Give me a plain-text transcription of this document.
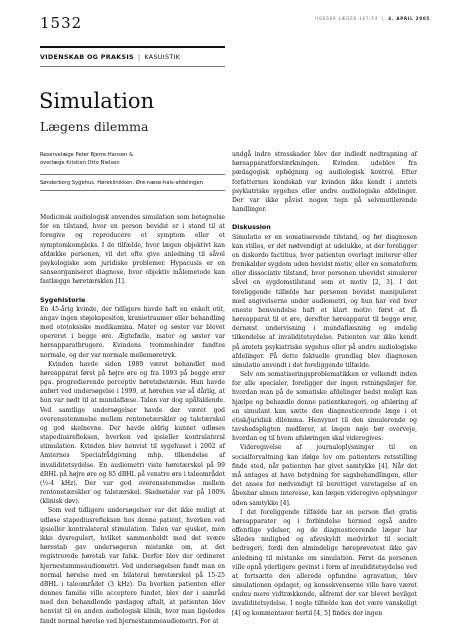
1532	UGESKR LÆGER 167/14 | 4. APRIL 2005
VIDENSKAB OG PRAKSIS | KASUISTIK
Simulation
Lægens dilemma
Reservelæge Peter Bjerre Hansen &
overlæge Kristian Otto Nielsen
Sønderborg Sygehus, Høreklinikken, Øre-næse-hals-afdelingen

Medicinsk audiologisk anvendes simulation som betegnelse for en tilstand, hvor en person bevidst er i stand til at foregive og reproducere et symptom eller et symptomkompleks. I de tilfælde, hvor lægen objektivt kan afdække personen, vil det ofte give anledning til såvel psykologiske som juridiske problemer. Hypacusis er en sanseorganiseret diagnose, hvor objektiv målemetode kan fastlægge høretærsklen [1].

Sygehistorie

En 45-årig kvinde, der tidligere havde haft en enkelt otit, angav ingen støjekspositon, kranietraumer eller behandling med ototoksiske medikamina. Mater og søster var blevet opereret i begge øre. Ægtefælle, mater og søster var høreapparatbrugere. Kvindens tvommehinder fandtes normale, og der var normale mellemøretryk.

Kvinden havde siden 1989 været behandlet med høreapparat først på højre øre og fra 1993 på begge ører pga. progredierende perceptiv høretabstærsle. Hun havde anført ved undersøgelse i 1999, at hørehen var så dårlig, at hun var nødt til at mundaflæse. Talen var dog upåfaldende. Ved samtlige undersøgelser havde der været god overensstemmelse mellem rentonetærskler og taletærskel og god skelnevne. Der havde aldrig kunnet udløses stapediusrefleksen, hverken ved ipsieller kontralateral stimulation. Kvinden blev henvist til sygehuset i 2002 af Amternes Specialrådgivning mhp. tilkendelse af invaliditetsydelse. En audiometri viste høretærskel på 99 dBHL på højre øre og 85 dBHL på venstre øre i taleområdet (½-4 kHz). Der var god overensstemmelse mellem rentonetærskler og taletærskel. Skelnetaler var på 100% (klinisk døv).

Som ved tidligere undersøgelser var det ikke muligt at udløse stapediusrefleksen hos denne patient, hverken ved ipsieller kontralateral stimulation. Talen var sjusket, men ikke dysregulert, hvilket sammenholdt med det svære hørestab gav undersøgeren mistanke om, at det registrerede høretab var falsk. Derfor blev der ordineret hjernestammeaudiometri. Ved undersøgelsen fandt man en normal hørelse med en bilateral høretærskel på 15-25 dBHL i taleområdet (3 kHz). Da hverken patienten eller dennes familie ville acceptere fundet, blev der i samråd med den behandlende pædagog aftalt, at patienten blev henvist til en anden audiologisk klinik, hvor man ligeledes fandt normal hørelse ved hjernestammeaudiometri. For at

undgå indre stresskader blev der indledt nedtrapning af høreapparatforstærkningen. Kvinden udeblev fra pædagogisk opfølgning og audiologisk kontrol. Efter forfatternes kendskab var kvinden ikke kendt i amtets psykiatriske sygehus eller andre audiologiske afdelinger. Der var ikke påvist nogen tegn på selvmutilerende handlinger.

Diskussion

Simulatio er en somatiserende tilstand, og før diagnosen kan stilles, er det nødvendigt at udelukke, at der foreligger en diskordo factitius, hvor patienten overlagt imiterer eller fremkalder sygdom uden bevidst motiv, eller en somatoform eller dissociativ tilstand, hvor personen ubevidst simulerer såvel en sygdomstilstand som et motiv [2, 3]. I det foreliggende tilfælde har personen bevidst manipuleret med angivelserne under audiometri, og hun har ved hver eneste henvendelse haft et klart motiv: først at få høreapparat til et øre, derefter høreapparat til begge ører, dernæst undervisning i mundaflæsning og endelig tilkendelse af invaliditetsydelse. Patienten var ikke kendt på amtets psykiatriske sygehus eller på andre audiologiske afdelinger. På dette faktuelle grundlag blev diagnosen simulatio anvendt i det foreliggende tilfælde.

Selv om somatiseringsproblematikken er velkendt inden for alle specialer, foreligger der ingen retningslinjer for, hvordan man på de somatiske afdelinger bedst muligt kan hjælpe og behandle denne patientkategori, og afsløring af en simulant kan sætte den diagnosticerende læge i et etisk/juridisk dilemma. Henvynet til den simulerende og tavshedspligten medfører, at lægen nøje bør overveje, hvordan og til hvem afsløringen skal videregives.

Videregivelse af journaloplysninger til en socialforvaltning kan ifølge lov om patienters retsstilling finde sted, når patienten har givet samtykke [4]. Når det må antages at have betydning for sagsbehandlingen, eller det anses for nødvendigt til berettiget varetagelse af en åbenbar almen interesse, kan lægen videregive oplysninger uden samtykke [4].

I det foreliggende tilfælde har en person fået gratis høreapparater og i forbindelse hermed også andre offentlige ydelser, og de diagnosticerende læger har således mulighed og afsvskyldt medvirket til socialt bedrageri, fordi den almindelige høreprøvetest ikke gav anledning til mistanke om simulation. Først da personen ville opnå yderligere gevinst i form af invaliditetsydelse ved at fortsætte den allerede opfundne agravation, blev simulationen opdaget, og konsekvenserne ville have været endnu mere vidtrækkende, såfremt der var blevet bevilget invaliditetsydelse. I nogle tilfælde kan det være vanskeligt [4] og kommentarer hertil [4, 5] findes der ingen
